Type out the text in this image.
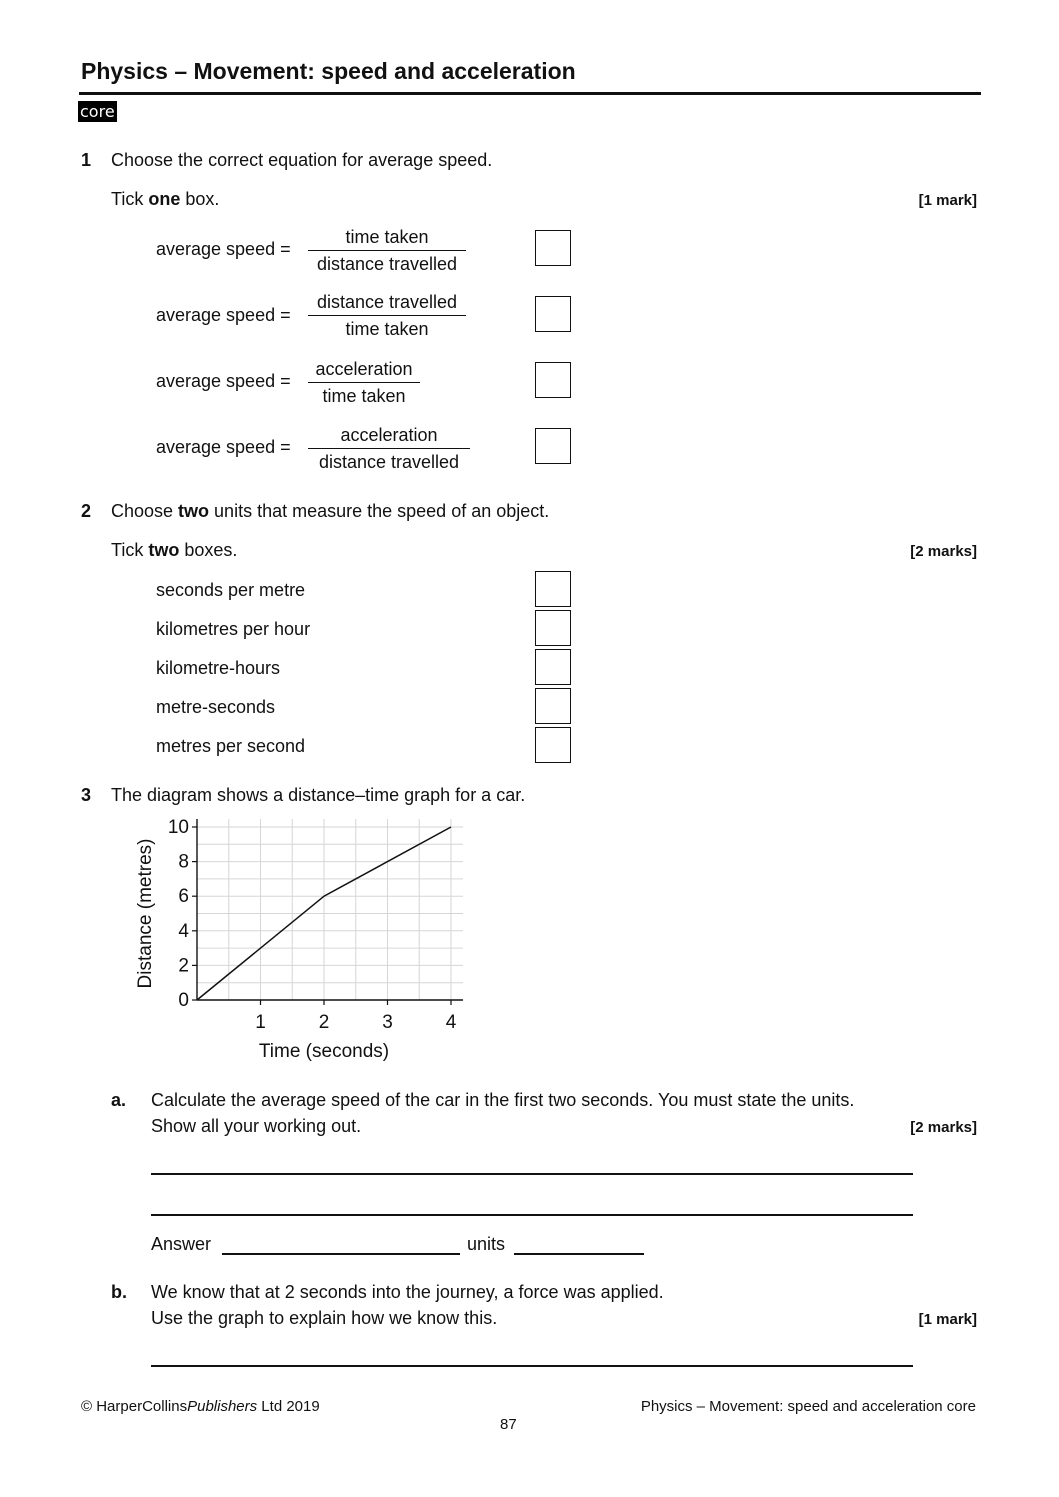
Physics – Movement: speed and acceleration
core
1 Choose the correct equation for average speed.
Tick one box.	[1 mark]
average speed =
time taken
distance travelled
average speed =
distance travelled
time taken
average speed =
acceleration
time taken
average speed =
acceleration
distance travelled
2 Choose two units that measure the speed of an object.
Tick two boxes.	[2 marks]
seconds per metre
kilometres per hour
kilometre-hours
metre-seconds
metres per second
3 The diagram shows a distance–time graph for a car.
0
2
4
6
8
10
1	2	3	4
Time (seconds)
Distance (metres)
a. Calculate the average speed of the car in the first two seconds. You must state the units.
Show all your working out.	[2 marks]
Answer	units
b. We know that at 2 seconds into the journey, a force was applied.
Use the graph to explain how we know this.	[1 mark]
© HarperCollinsPublishers Ltd 2019	Physics – Movement: speed and acceleration core
87
